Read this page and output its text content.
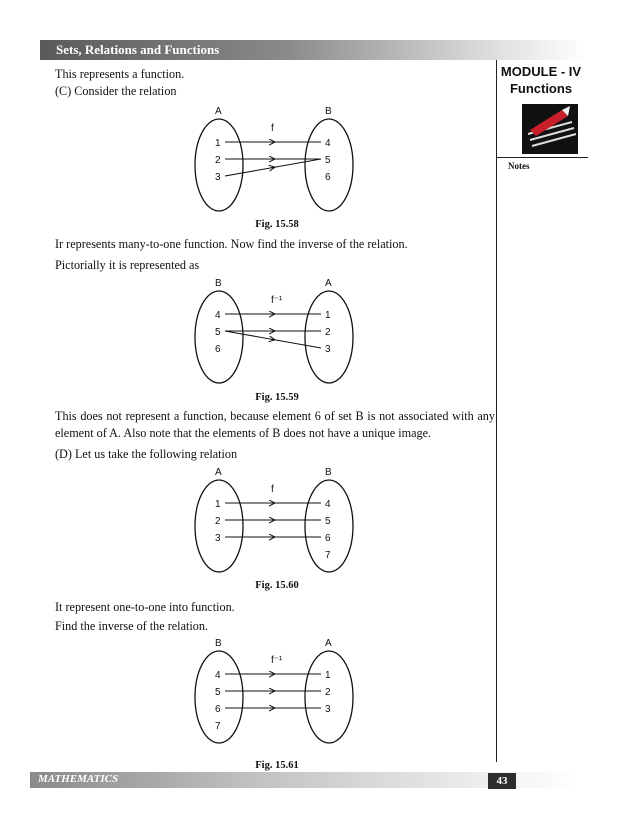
Sets, Relations and Functions
MODULE - IV
Functions
Notes
This represents a function.
(C) Consider the relation
A	B
f
1
2
3
4
5
6
Fig. 15.58
Ir represents many-to-one function. Now find the inverse of the relation.
Pictorially it is represented as
B	A
f⁻¹
4
5
6
1
2
3
Fig. 15.59
This does not represent a function, because element 6 of set B is not associated with any element of A. Also note that the elements of B does not have a unique image.
(D) Let us take the following relation
A	B
f
1
2
3
4
5
6
7
Fig. 15.60
It represent one-to-one into function.
Find the inverse of the relation.
B	A
f⁻¹
4
5
6
7
1
2
3
Fig. 15.61
MATHEMATICS	43
